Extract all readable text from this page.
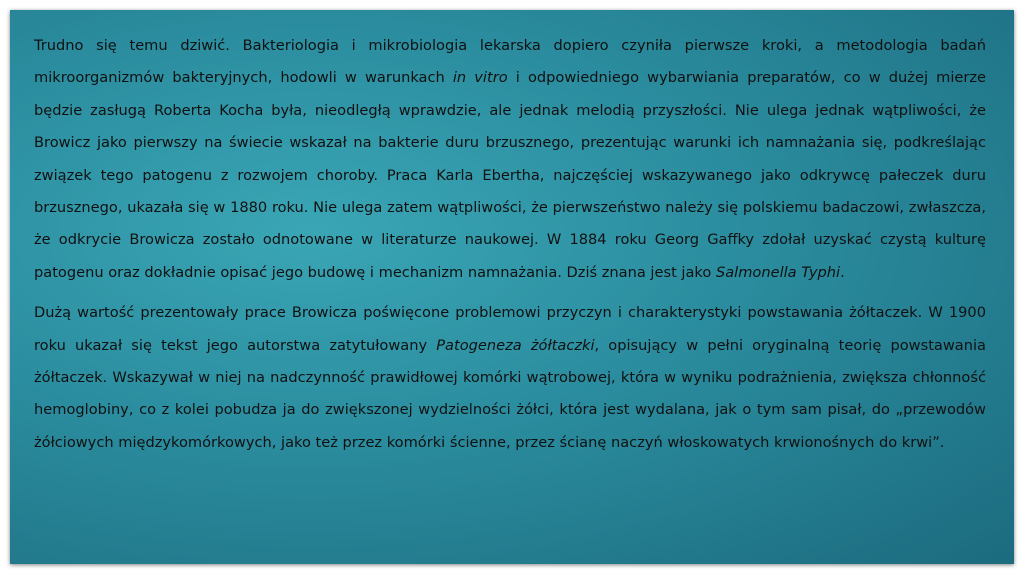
Trudno się temu dziwić. Bakteriologia i mikrobiologia lekarska dopiero czyniła pierwsze kroki, a metodologia badań mikroorganizmów bakteryjnych, hodowli w warunkach in vitro i odpowiedniego wybarwiania preparatów, co w dużej mierze będzie zasługą Roberta Kocha była, nieodległą wprawdzie, ale jednak melodią przyszłości. Nie ulega jednak wątpliwości, że Browicz jako pierwszy na świecie wskazał na bakterie duru brzusznego, prezentując warunki ich namnażania się, podkreślając związek tego patogenu z rozwojem choroby. Praca Karla Ebertha, najczęściej wskazywanego jako odkrywcę pałeczek duru brzusznego, ukazała się w 1880 roku. Nie ulega zatem wątpliwości, że pierwszeństwo należy się polskiemu badaczowi, zwłaszcza, że odkrycie Browicza zostało odnotowane w literaturze naukowej. W 1884 roku Georg Gaffky zdołał uzyskać czystą kulturę patogenu oraz dokładnie opisać jego budowę i mechanizm namnażania. Dziś znana jest jako Salmonella Typhi.

Dużą wartość prezentowały prace Browicza poświęcone problemowi przyczyn i charakterystyki powstawania żółtaczek. W 1900 roku ukazał się tekst jego autorstwa zatytułowany Patogeneza żółtaczki, opisujący w pełni oryginalną teorię powstawania żółtaczek. Wskazywał w niej na nadczynność prawidłowej komórki wątrobowej, która w wyniku podrażnienia, zwiększa chłonność hemoglobiny, co z kolei pobudza ja do zwiększonej wydzielności żółci, która jest wydalana, jak o tym sam pisał, do „przewodów żółciowych międzykomórkowych, jako też przez komórki ścienne, przez ścianę naczyń włoskowatych krwionośnych do krwi”.
